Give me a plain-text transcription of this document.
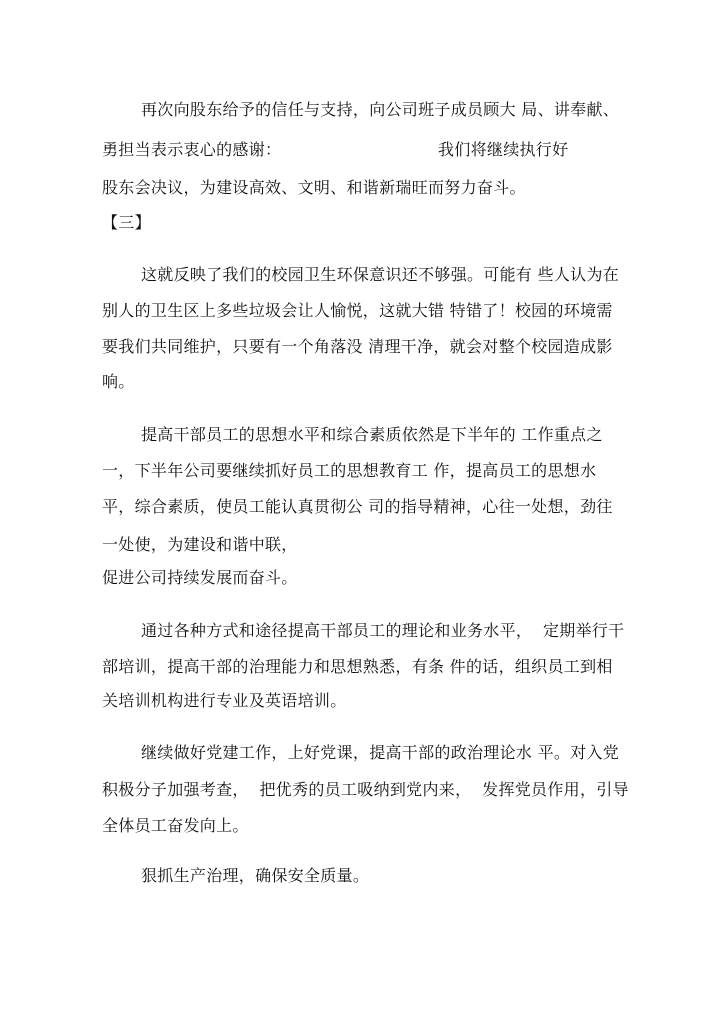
再次向股东给予的信任与支持，向公司班子成员顾大 局、讲奉献、
勇担当表示衷心的感谢：	我们将继续执行好
股东会决议，为建设高效、文明、和谐新瑞旺而努力奋斗。
【三】
这就反映了我们的校园卫生环保意识还不够强。可能有 些人认为在
别人的卫生区上多些垃圾会让人愉悦，这就大错 特错了！校园的环境需
要我们共同维护，只要有一个角落没 清理干净，就会对整个校园造成影
响。
提高干部员工的思想水平和综合素质依然是下半年的 工作重点之
一，下半年公司要继续抓好员工的思想教育工 作，提高员工的思想水
平，综合素质，使员工能认真贯彻公 司的指导精神，心往一处想，劲往
一处使，为建设和谐中联，
促进公司持续发展而奋斗。
通过各种方式和途径提高干部员工的理论和业务水平，  定期举行干
部培训，提高干部的治理能力和思想熟悉，有条 件的话，组织员工到相
关培训机构进行专业及英语培训。
继续做好党建工作，上好党课，提高干部的政治理论水 平。对入党
积极分子加强考查，  把优秀的员工吸纳到党内来，  发挥党员作用，引导
全体员工奋发向上。
狠抓生产治理，确保安全质量。
